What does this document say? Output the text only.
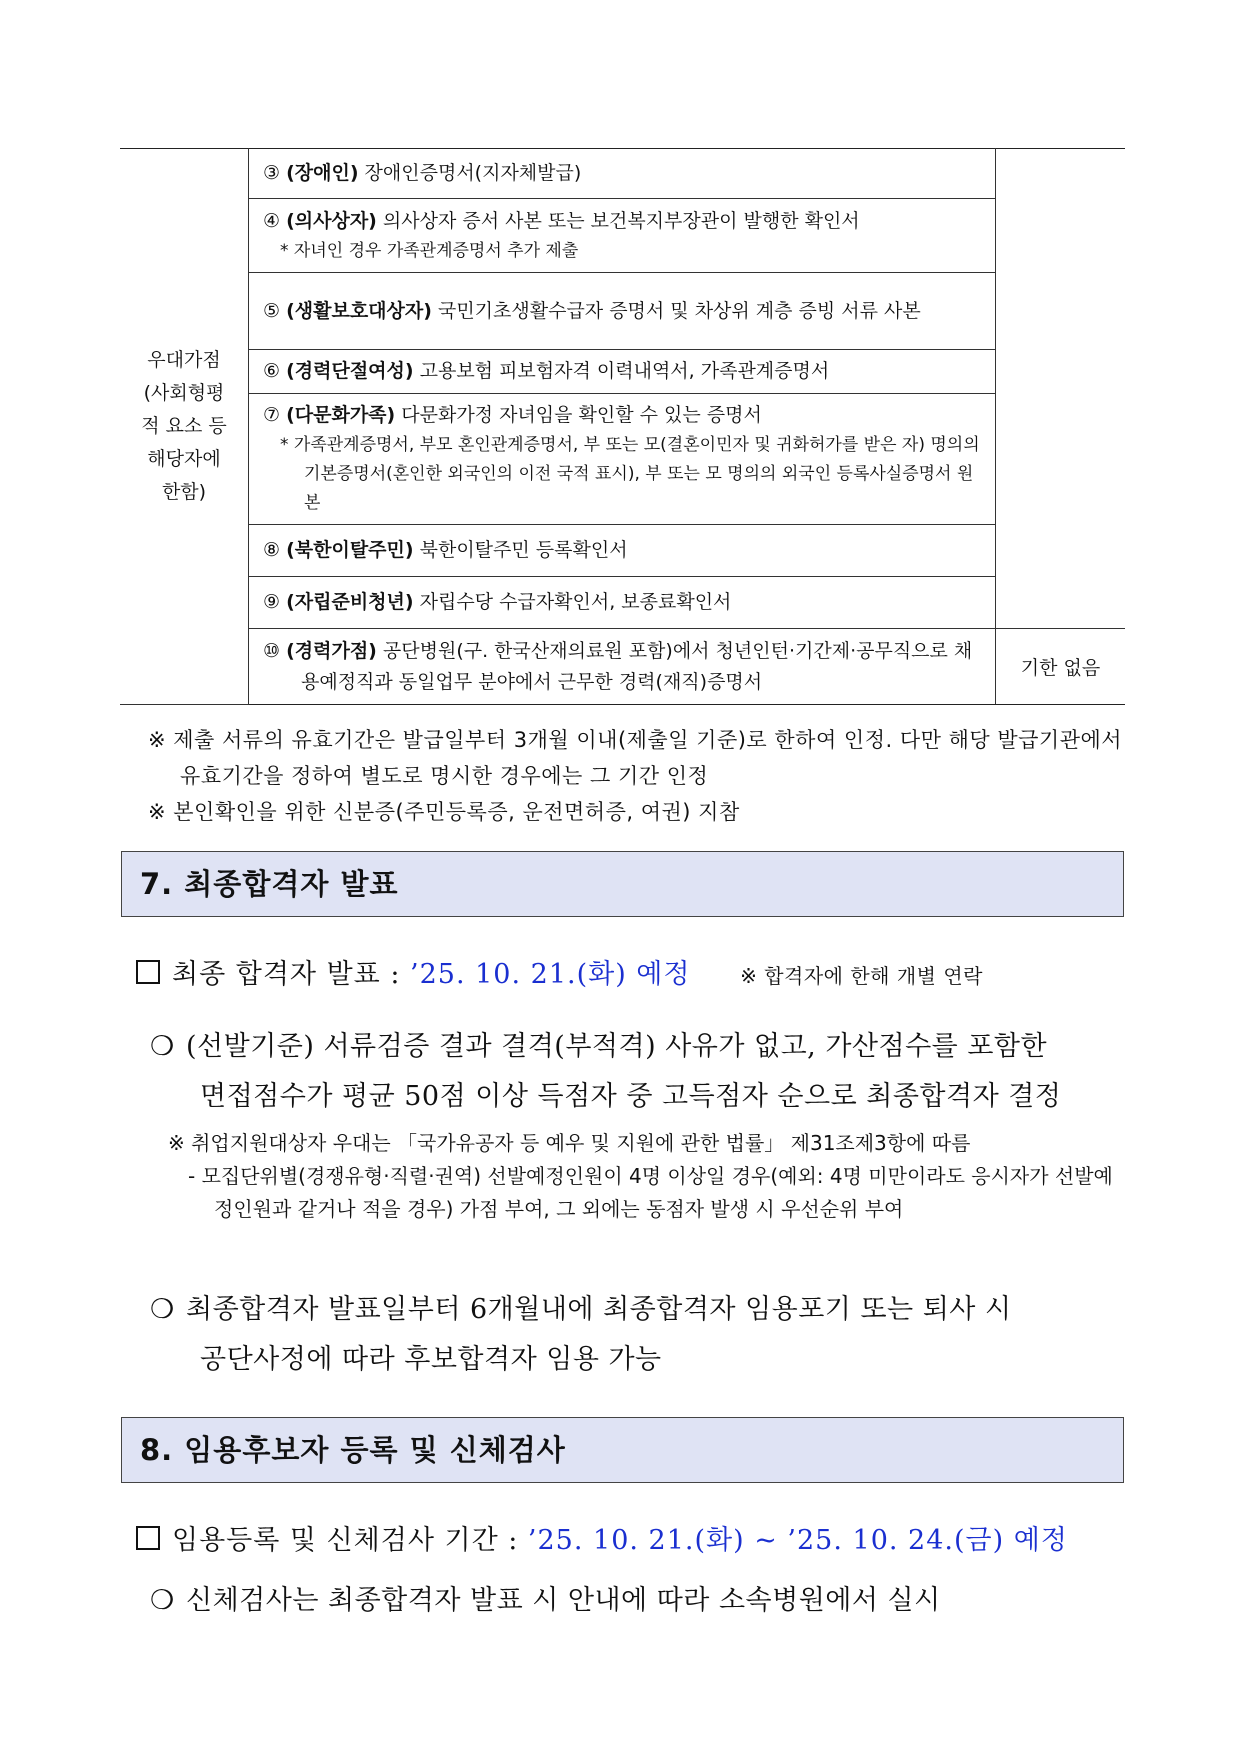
우대가점
(사회형평
적 요소 등
해당자에
한함)	③ (장애인) 장애인증명서(지자체발급)	

	④ (의사상자) 의사상자 증서 사본 또는 보건복지부장관이 발행한 확인서
* 자녀인 경우 가족관계증명서 추가 제출	

	⑤ (생활보호대상자) 국민기초생활수급자 증명서 및 차상위 계층 증빙 서류 사본	

	⑥ (경력단절여성) 고용보험 피보험자격 이력내역서, 가족관계증명서	

	⑦ (다문화가족) 다문화가정 자녀임을 확인할 수 있는 증명서
* 가족관계증명서, 부모 혼인관계증명서, 부 또는 모(결혼이민자 및 귀화허가를 받은 자) 명의의 기본증명서(혼인한 외국인의 이전 국적 표시), 부 또는 모 명의의 외국인 등록사실증명서 원본	

	⑧ (북한이탈주민) 북한이탈주민 등록확인서	

	⑨ (자립준비청년) 자립수당 수급자확인서, 보종료확인서	

	⑩ (경력가점) 공단병원(구. 한국산재의료원 포함)에서 청년인턴·기간제·공무직으로 채용예정직과 동일업무 분야에서 근무한 경력(재직)증명서	기한 없음

※ 제출 서류의 유효기간은 발급일부터 3개월 이내(제출일 기준)로 한하여 인정. 다만 해당 발급기관에서 유효기간을 정하여 별도로 명시한 경우에는 그 기간 인정

※ 본인확인을 위한 신분증(주민등록증, 운전면허증, 여권) 지참

7. 최종합격자 발표
최종 합격자 발표 : ’25. 10. 21.(화) 예정 ※ 합격자에 한해 개별 연락
❍ (선발기준) 서류검증 결과 결격(부적격) 사유가 없고, 가산점수를 포함한
면접점수가 평균 50점 이상 득점자 중 고득점자 순으로 최종합격자 결정

※ 취업지원대상자 우대는 「국가유공자 등 예우 및 지원에 관한 법률」 제31조제3항에 따름

- 모집단위별(경쟁유형·직렬·권역) 선발예정인원이 4명 이상일 경우(예외: 4명 미만이라도 응시자가 선발예정인원과 같거나 적을 경우) 가점 부여, 그 외에는 동점자 발생 시 우선순위 부여

❍ 최종합격자 발표일부터 6개월내에 최종합격자 임용포기 또는 퇴사 시
공단사정에 따라 후보합격자 임용 가능
8. 임용후보자 등록 및 신체검사
임용등록 및 신체검사 기간 : ’25. 10. 21.(화) ~ ’25. 10. 24.(금) 예정
❍ 신체검사는 최종합격자 발표 시 안내에 따라 소속병원에서 실시
